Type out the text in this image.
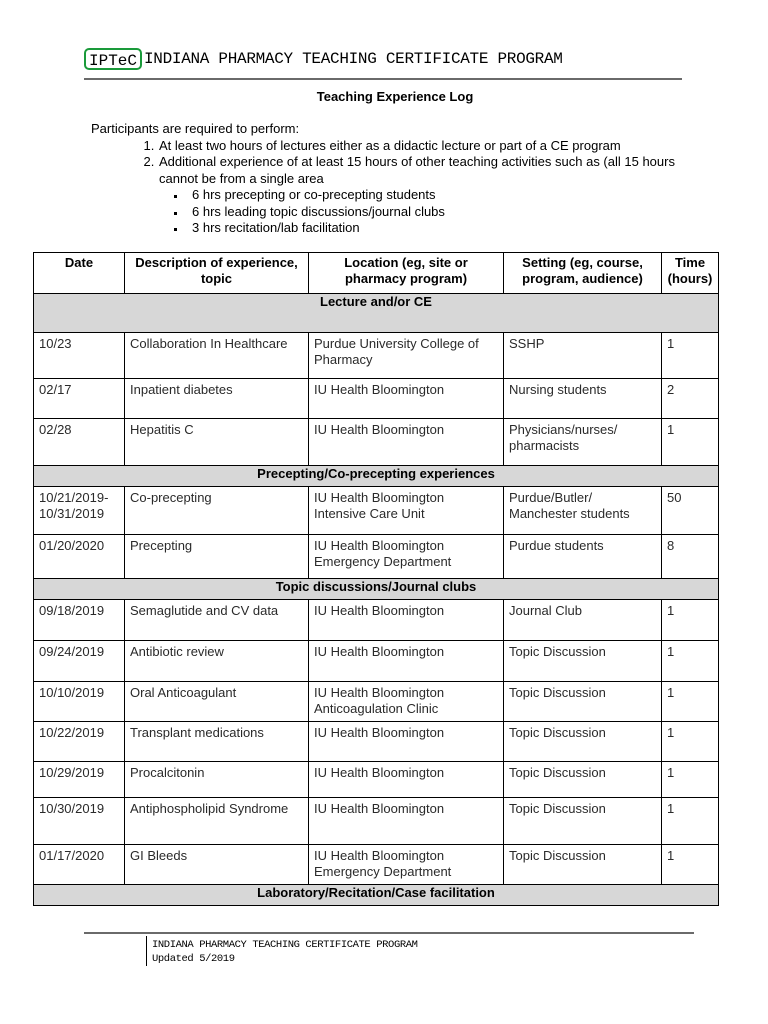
IPTeC INDIANA PHARMACY TEACHING CERTIFICATE PROGRAM
Teaching Experience Log
Participants are required to perform:
1. At least two hours of lectures either as a didactic lecture or part of a CE program
2. Additional experience of at least 15 hours of other teaching activities such as (all 15 hours cannot be from a single area
▪ 6 hrs precepting or co-precepting students
▪ 6 hrs leading topic discussions/journal clubs
▪ 3 hrs recitation/lab facilitation
Date	Description of experience, topic	Location (eg, site or pharmacy program)	Setting (eg, course, program, audience)	Time (hours)
Lecture and/or CE				
10/23	Collaboration In Healthcare	Purdue University College of Pharmacy	SSHP	1
02/17	Inpatient diabetes	IU Health Bloomington	Nursing students	2
02/28	Hepatitis C	IU Health Bloomington	Physicians/nurses/ pharmacists	1
Precepting/Co-precepting experiences				
10/21/2019- 10/31/2019	Co-precepting	IU Health Bloomington Intensive Care Unit	Purdue/Butler/ Manchester students	50
01/20/2020	Precepting	IU Health Bloomington Emergency Department	Purdue students	8
Topic discussions/Journal clubs				
09/18/2019	Semaglutide and CV data	IU Health Bloomington	Journal Club	1
09/24/2019	Antibiotic review	IU Health Bloomington	Topic Discussion	1
10/10/2019	Oral Anticoagulant	IU Health Bloomington Anticoagulation Clinic	Topic Discussion	1
10/22/2019	Transplant medications	IU Health Bloomington	Topic Discussion	1
10/29/2019	Procalcitonin	IU Health Bloomington	Topic Discussion	1
10/30/2019	Antiphospholipid Syndrome	IU Health Bloomington	Topic Discussion	1
01/17/2020	GI Bleeds	IU Health Bloomington Emergency Department	Topic Discussion	1
Laboratory/Recitation/Case facilitation				
INDIANA PHARMACY TEACHING CERTIFICATE PROGRAM
Updated 5/2019
